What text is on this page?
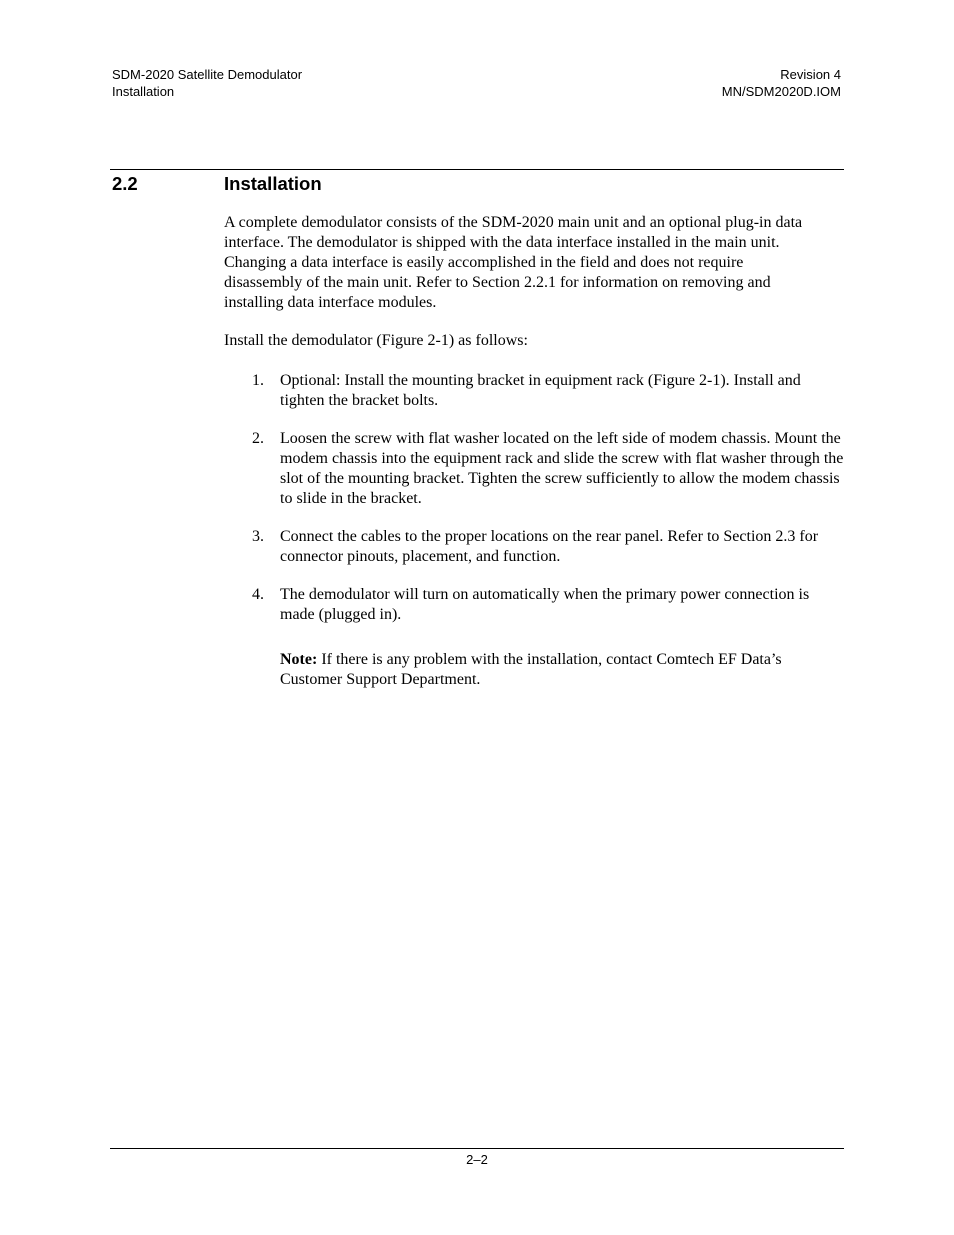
SDM-2020 Satellite Demodulator
Installation
Revision 4
MN/SDM2020D.IOM
2.2	Installation

A complete demodulator consists of the SDM-2020 main unit and an optional plug-in data interface. The demodulator is shipped with the data interface installed in the main unit. Changing a data interface is easily accomplished in the field and does not require disassembly of the main unit. Refer to Section 2.2.1 for information on removing and installing data interface modules.

Install the demodulator (Figure 2-1) as follows:

1. Optional: Install the mounting bracket in equipment rack (Figure 2-1). Install and tighten the bracket bolts.
2. Loosen the screw with flat washer located on the left side of modem chassis. Mount the modem chassis into the equipment rack and slide the screw with flat washer through the slot of the mounting bracket. Tighten the screw sufficiently to allow the modem chassis to slide in the bracket.
3. Connect the cables to the proper locations on the rear panel. Refer to Section 2.3 for connector pinouts, placement, and function.
4. The demodulator will turn on automatically when the primary power connection is made (plugged in).

Note: If there is any problem with the installation, contact Comtech EF Data’s Customer Support Department.

2–2
